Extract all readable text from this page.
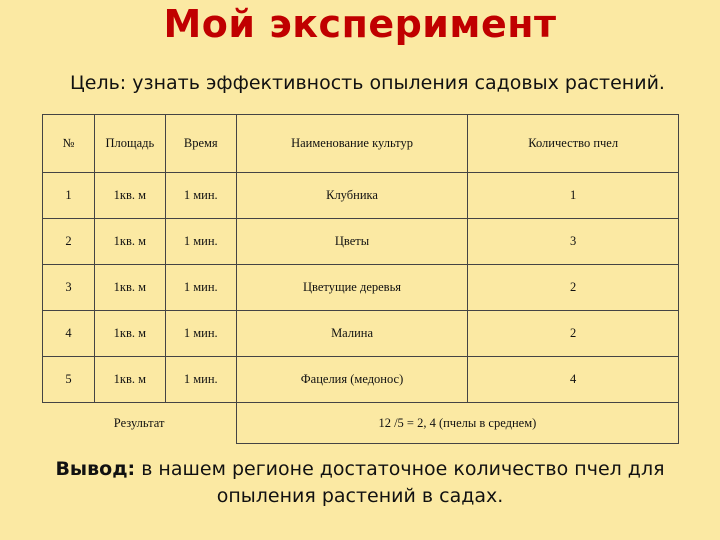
Мой эксперимент
Цель: узнать эффективность опыления садовых растений.
№	Площадь	Время	Наименование культур	Количество пчел
1	1кв. м	1 мин.	Клубника	1
2	1кв. м	1 мин.	Цветы	3
3	1кв. м	1 мин.	Цветущие деревья	2
4	1кв. м	1 мин.	Малина	2
5	1кв. м	1 мин.	Фацелия (медонос)	4
Результат			12 /5 = 2, 4 (пчелы в среднем)	
Вывод: в нашем регионе достаточное количество пчел для опыления растений в садах.
